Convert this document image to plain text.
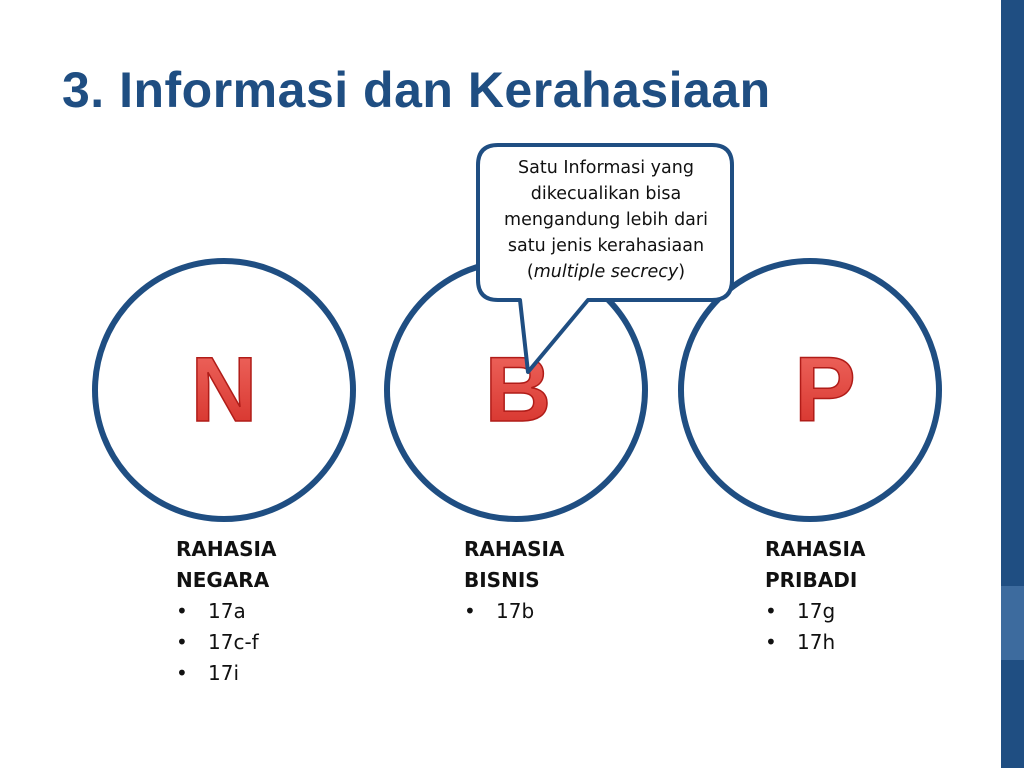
3. Informasi dan Kerahasiaan
N B	P
Satu Informasi yang
dikecualikan bisa
mengandung lebih dari
satu jenis kerahasiaan
(multiple secrecy)
RAHASIA
NEGARA
• 17a
• 17c-f
• 17i
RAHASIA
BISNIS
• 17b
RAHASIA
PRIBADI
• 17g
• 17h
